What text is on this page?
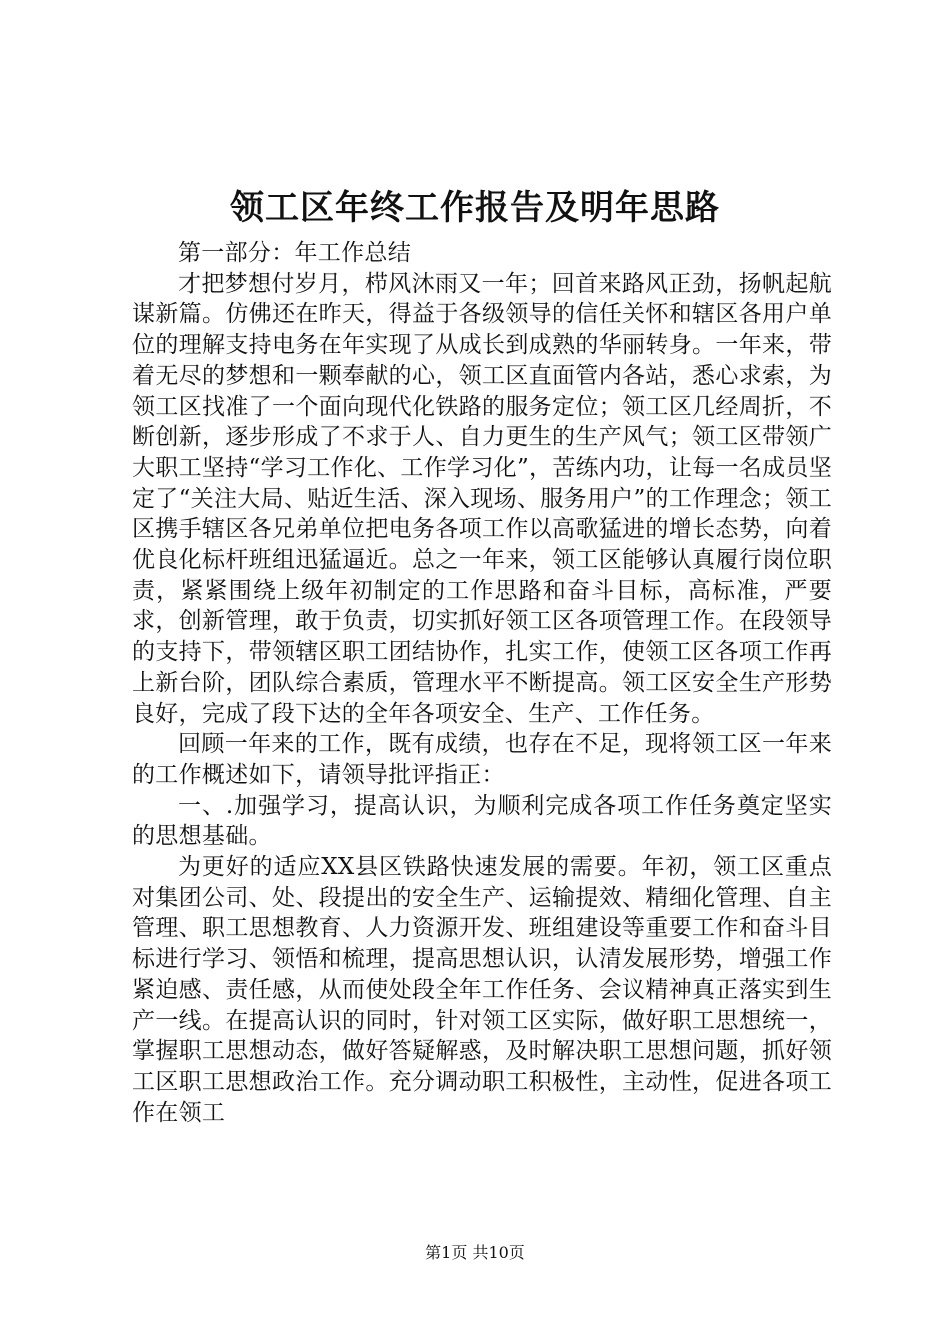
领工区年终工作报告及明年思路

第一部分：年工作总结

才把梦想付岁月，栉风沐雨又一年；回首来路风正劲，扬帆起航谋新篇。仿佛还在昨天，得益于各级领导的信任关怀和辖区各用户单位的理解支持电务在年实现了从成长到成熟的华丽转身。一年来，带着无尽的梦想和一颗奉献的心，领工区直面管内各站，悉心求索，为领工区找准了一个面向现代化铁路的服务定位；领工区几经周折，不断创新，逐步形成了不求于人、自力更生的生产风气；领工区带领广大职工坚持“学习工作化、工作学习化”，苦练内功，让每一名成员坚定了“关注大局、贴近生活、深入现场、服务用户”的工作理念；领工区携手辖区各兄弟单位把电务各项工作以高歌猛进的增长态势，向着优良化标杆班组迅猛逼近。总之一年来，领工区能够认真履行岗位职责，紧紧围绕上级年初制定的工作思路和奋斗目标，高标准，严要求，创新管理，敢于负责，切实抓好领工区各项管理工作。在段领导的支持下，带领辖区职工团结协作，扎实工作，使领工区各项工作再上新台阶，团队综合素质，管理水平不断提高。领工区安全生产形势良好，完成了段下达的全年各项安全、生产、工作任务。

回顾一年来的工作，既有成绩，也存在不足，现将领工区一年来的工作概述如下，请领导批评指正：

一、.加强学习，提高认识，为顺利完成各项工作任务奠定坚实的思想基础。

为更好的适应XX县区铁路快速发展的需要。年初，领工区重点对集团公司、处、段提出的安全生产、运输提效、精细化管理、自主管理、职工思想教育、人力资源开发、班组建设等重要工作和奋斗目标进行学习、领悟和梳理，提高思想认识，认清发展形势，增强工作紧迫感、责任感，从而使处段全年工作任务、会议精神真正落实到生产一线。在提高认识的同时，针对领工区实际，做好职工思想统一，掌握职工思想动态，做好答疑解惑，及时解决职工思想问题，抓好领工区职工思想政治工作。充分调动职工积极性，主动性，促进各项工作在领工

第1页 共10页
